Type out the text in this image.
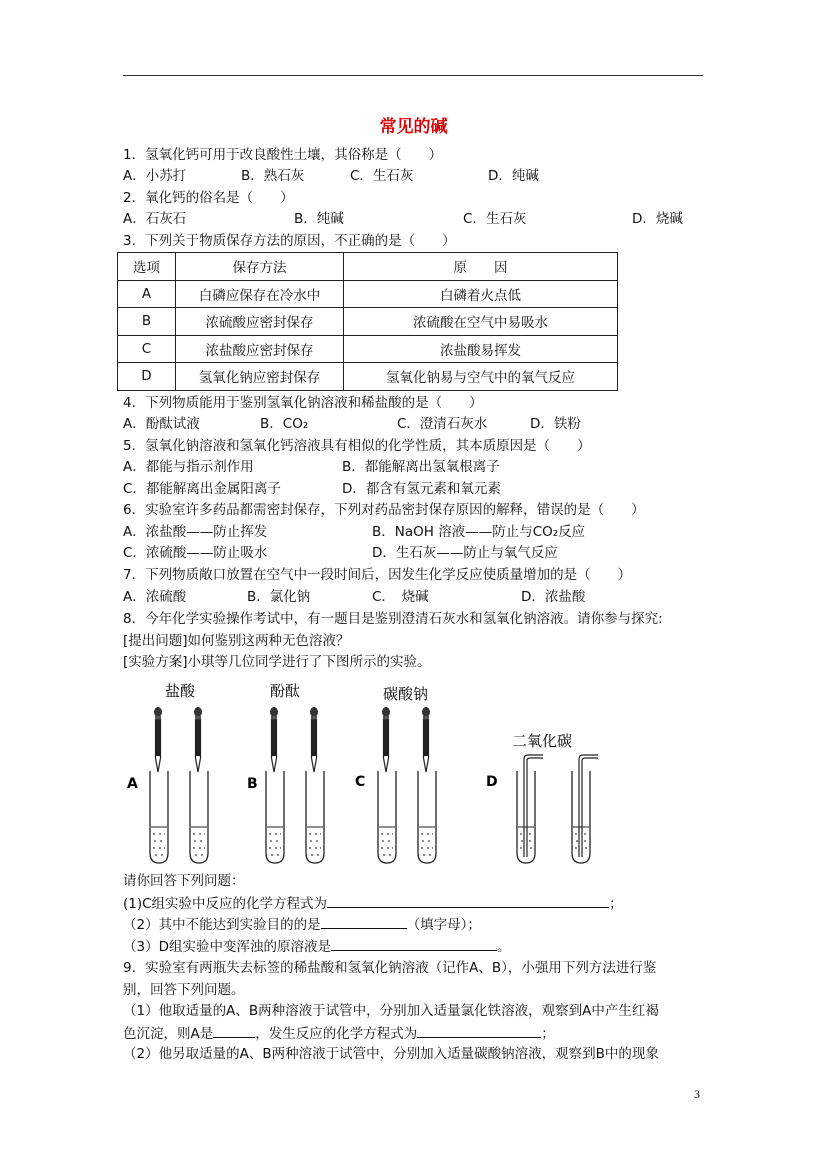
常见的碱
1．氢氧化钙可用于改良酸性土壤，其俗称是（　　）
A．小苏打	B．熟石灰	C．生石灰	D．纯碱
2．氧化钙的俗名是（　　）
A．石灰石	B．纯碱	C．生石灰	D．烧碱
3．下列关于物质保存方法的原因，不正确的是（　　）
选项	保存方法	原　　因
A	白磷应保存在冷水中	白磷着火点低
B	浓硫酸应密封保存	浓硫酸在空气中易吸水
C	浓盐酸应密封保存	浓盐酸易挥发
D	氢氧化钠应密封保存	氢氧化钠易与空气中的氧气反应
4．下列物质能用于鉴别氢氧化钠溶液和稀盐酸的是（　　）
A．酚酞试液	B．CO₂	C．澄清石灰水	D．铁粉
5．氢氧化钠溶液和氢氧化钙溶液具有相似的化学性质，其本质原因是（　　）
A．都能与指示剂作用	B．都能解离出氢氧根离子
C．都能解离出金属阳离子	D．都含有氢元素和氧元素
6．实验室许多药品都需密封保存，下列对药品密封保存原因的解释，错误的是（　　）
A．浓盐酸——防止挥发	B．NaOH 溶液——防止与CO₂反应
C．浓硫酸——防止吸水	D．生石灰——防止与氧气反应
7．下列物质敞口放置在空气中一段时间后，因发生化学反应使质量增加的是（　　）
A．浓硫酸	B．氯化钠	C．　烧碱	D．浓盐酸
8．今年化学实验操作考试中，有一题目是鉴别澄清石灰水和氢氧化钠溶液。请你参与探究:
[提出问题]如何鉴别这两种无色溶液？
[实验方案]小琪等几位同学进行了下图所示的实验。
盐酸	酚酞	碳酸钠
二氧化碳
A	B	C	D
请你回答下列问题：
(1)C组实验中反应的化学方程式为	；
（2）其中不能达到实验目的的是	（填字母）；
（3）D组实验中变浑浊的原溶液是	。
9．实验室有两瓶失去标签的稀盐酸和氢氧化钠溶液（记作A、B），小强用下列方法进行鉴
别，回答下列问题。
（1）他取适量的A、B两种溶液于试管中，分别加入适量氯化铁溶液，观察到A中产生红褐
色沉淀，则A是	，发生反应的化学方程式为	；
（2）他另取适量的A、B两种溶液于试管中，分别加入适量碳酸钠溶液，观察到B中的现象
3
